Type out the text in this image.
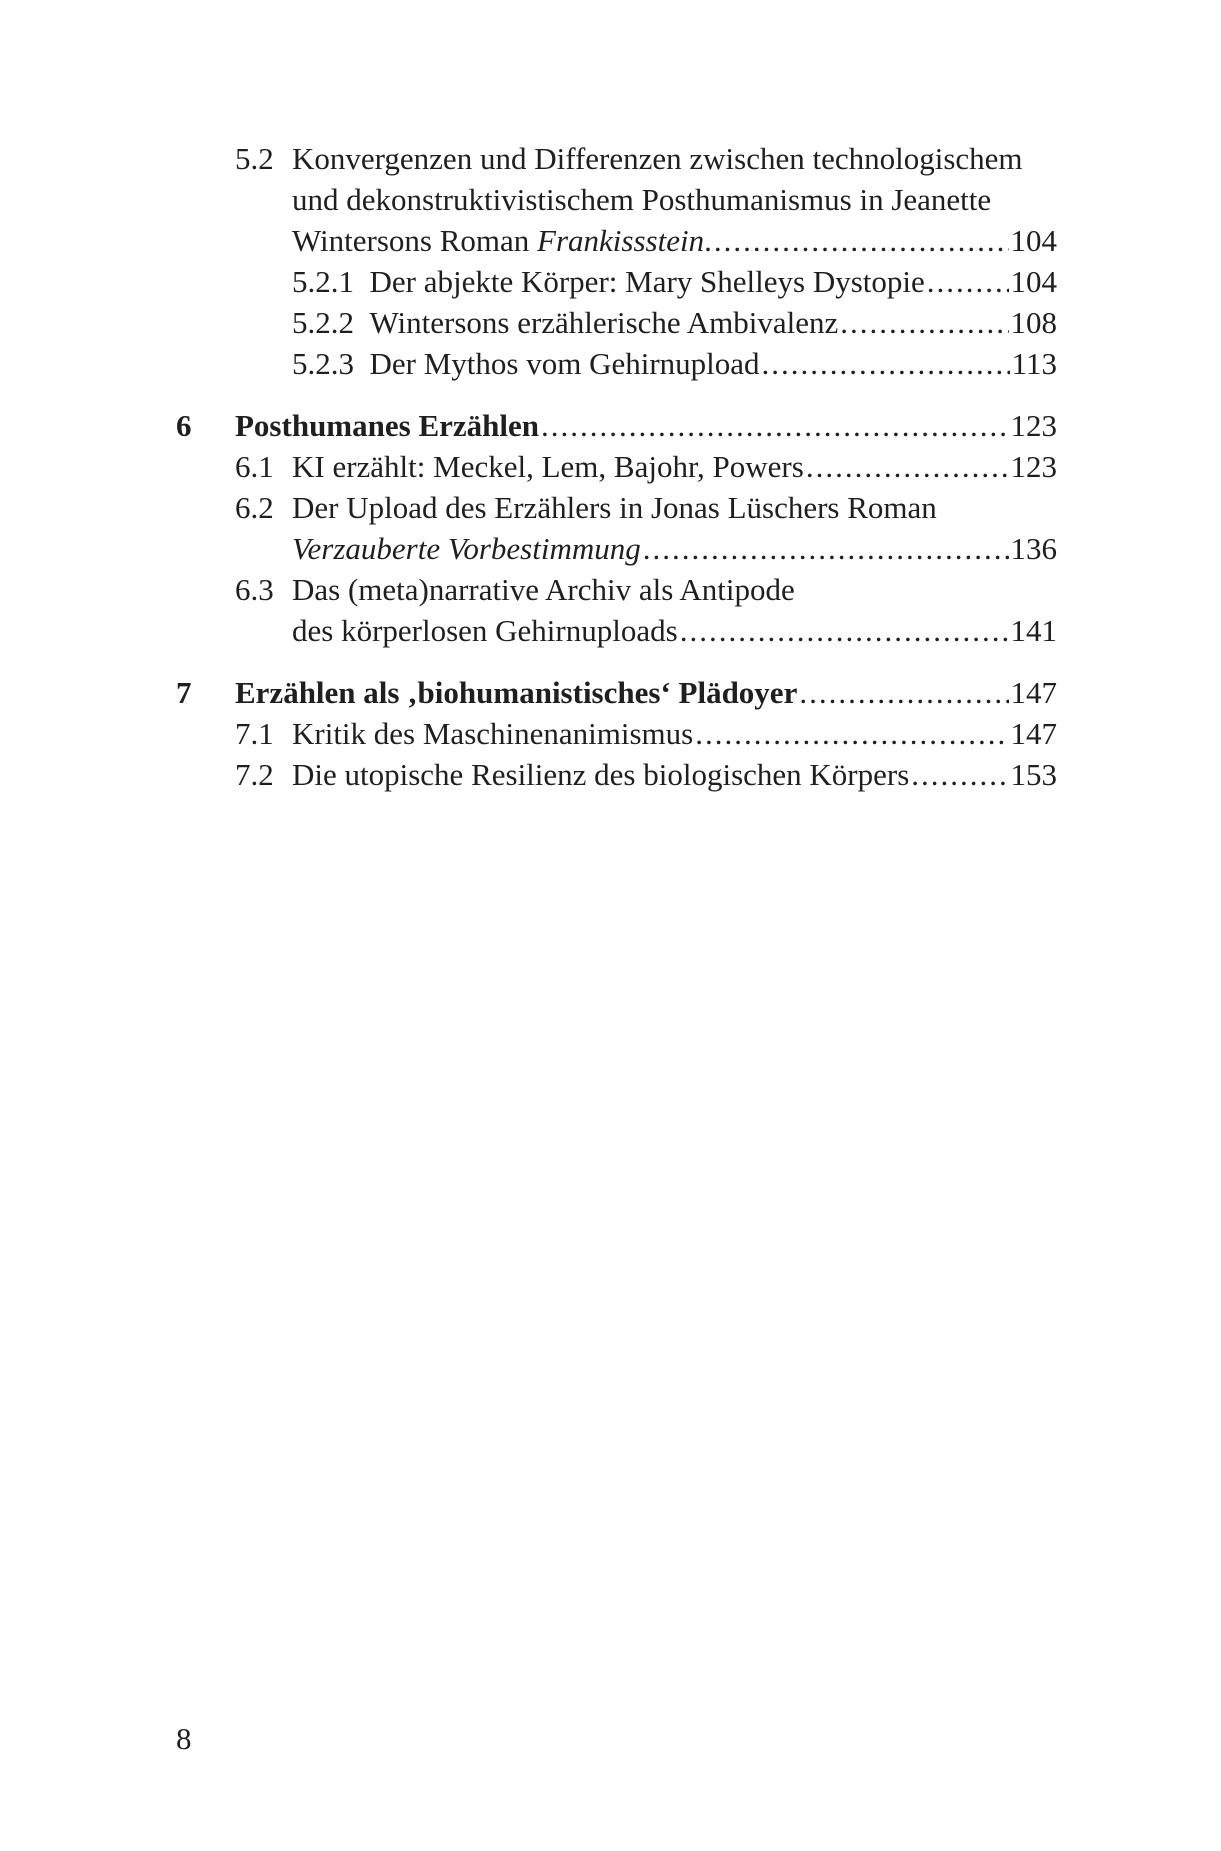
5.2 Konvergenzen und Differenzen zwischen technologischem
und dekonstruktivistischem Posthumanismus in Jeanette
Wintersons Roman Frankissstein. .....	104
5.2.1 Der abjekte Körper: Mary Shelleys Dystopie .....	104
5.2.2 Wintersons erzählerische Ambivalenz .....	108
5.2.3 Der Mythos vom Gehirnupload .....	113
6	Posthumanes Erzählen .....	123
6.1 KI erzählt: Meckel, Lem, Bajohr, Powers .....	123
6.2 Der Upload des Erzählers in Jonas Lüschers Roman
Verzauberte Vorbestimmung .....	136
6.3 Das (meta)narrative Archiv als Antipode
des körperlosen Gehirnuploads .....	141
7	Erzählen als ‚biohumanistisches‘ Plädoyer .....	147
7.1 Kritik des Maschinenanimismus .....	147
7.2 Die utopische Resilienz des biologischen Körpers .....	153
8
